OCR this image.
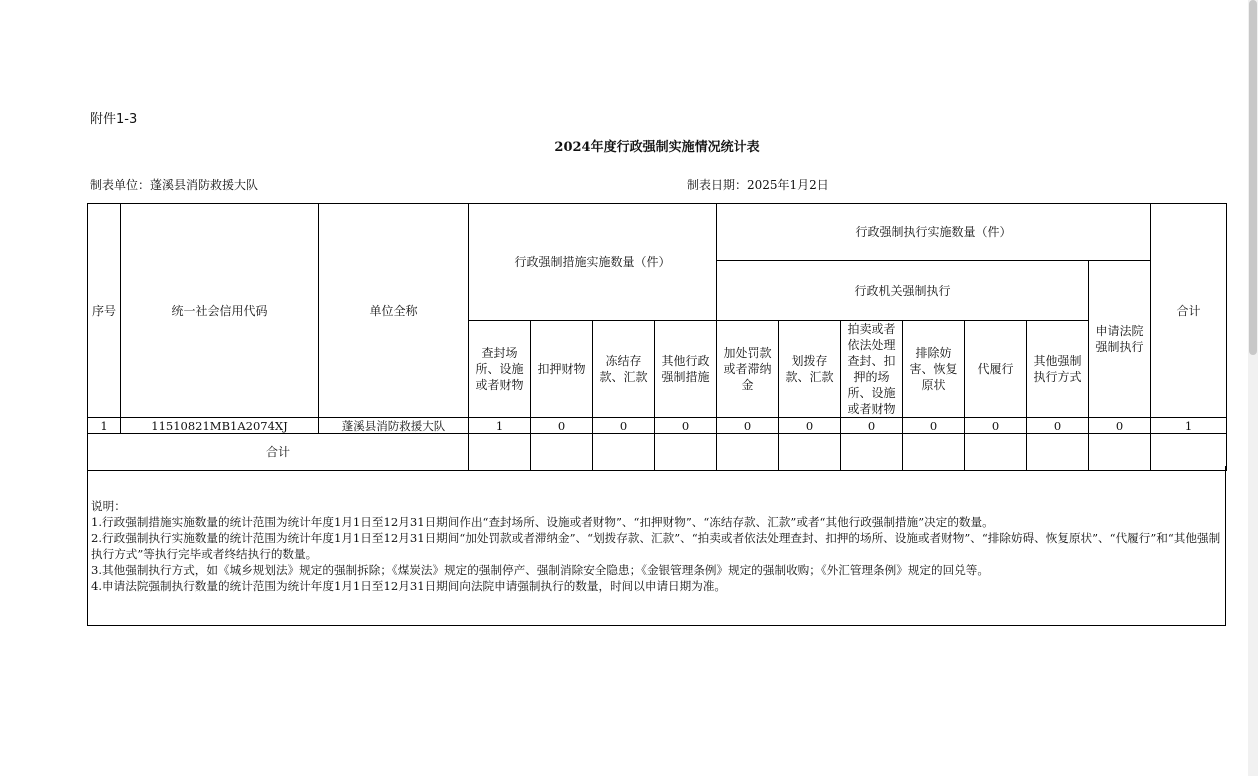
附件1-3
2024年度行政强制实施情况统计表
制表单位：蓬溪县消防救援大队	制表日期：2025年1月2日
序号	统一社会信用代码	单位全称	行政强制措施实施数量（件）				行政强制执行实施数量（件）							合计
							行政机关强制执行						申请法院强制执行	
			查封场所、设施或者财物	扣押财物	冻结存款、汇款	其他行政强制措施	加处罚款或者滞纳金	划拨存款、汇款	拍卖或者依法处理查封、扣押的场所、设施或者财物	排除妨害、恢复原状	代履行	其他强制执行方式		
1	11510821MB1A2074XJ	蓬溪县消防救援大队	1	0	0	0	0	0	0	0	0	0	0	1
合计														
说明：
1.行政强制措施实施数量的统计范围为统计年度1月1日至12月31日期间作出“查封场所、设施或者财物”、“扣押财物”、“冻结存款、汇款”或者“其他行政强制措施”决定的数量。
2.行政强制执行实施数量的统计范围为统计年度1月1日至12月31日期间“加处罚款或者滞纳金”、“划拨存款、汇款”、“拍卖或者依法处理查封、扣押的场所、设施或者财物”、“排除妨碍、恢复原状”、“代履行”和“其他强制执行方式”等执行完毕或者终结执行的数量。
3.其他强制执行方式，如《城乡规划法》规定的强制拆除；《煤炭法》规定的强制停产、强制消除安全隐患；《金银管理条例》规定的强制收购；《外汇管理条例》规定的回兑等。
4.申请法院强制执行数量的统计范围为统计年度1月1日至12月31日期间向法院申请强制执行的数量，时间以申请日期为准。
